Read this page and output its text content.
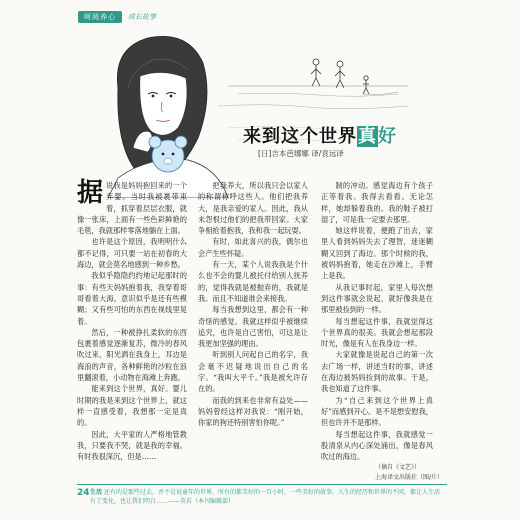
呵阅养心	成长故事
来到这个世界真好
[日]吉本芭娜娜 译/袁远译
据 说我是妈妈抱回来的一个弃婴。当时我被裹带束着，抓穿着层层衣服，就像一张床，上面有一些色彩鲜艳的毛毯，我就那样零落地躺在上面。

也许是这个原因，我明明什么都不记得，可只要一站在初春的大海边，就会莫名地感到一种乡愁。

我似乎隐隐约约地记起那时的事：有些天妈妈抱着我，我穿着哥哥看着大海，意识似乎是还有些模糊；又有些可怕的东西在视线里晃着。

然后，一种被挣扎柔软的东西包裹着感觉逐渐复苏，微冷的春风吹过来，阳光洒在我身上，耳边是海浪的声音，各种鲜艳的沙粒在浪里翻滚着，小动物在海滩上奔跑。

能来到这个世界，真好。婴儿时期的我是来到这个世界上，就这样一直感受着，我想那一定是真的。

因此，大平家的人严格地管教我，只要我不哭，就是我的幸福。有时我很深沉，但是……

把我养大，所以我只会以家人的称谓称呼这些人。他们把我养大，是我亲爱的家人。因此，我从未怨恨过他们的把我带回家。大家争相抢着抱我，我和我一起玩耍。

有时，如此喜兴的我，偶尔也会产生些怀疑。

有一天，某个人说我我是个什么也不会的婴儿被托付给别人抚养的，觉得我就是被抛弃的，我就是我。而且不知道谁会来接我。

每当我想到这里，都会有一种奇怪的感觉。我就这样似乎被继续追究，也许是自己害怕，可这是让我更加坚强的理由。

听到别人问起自己的名字，我会毫不迟疑地说出自己的名字。“我叫大平千。”我是被允许存在的。

而我的到来也非常有益处——妈妈曾经这样对我说：“刚开始，你家的狗还特别害怕你呢。”

制的冲动。感觉海边有个孩子正等着我。我得去看看。无论怎样，她却躲着我的。我的鞋子被打湿了，可是我一定要去那里。

她这样说着，便跑了出去，家里人看到妈妈失去了理智，迷迷糊糊又回到了海边。那个时候的我，被妈妈抱着，她走在沙滩上，手臂上是我。

从我记事时起，家里人每次想到这件事就会说起，就好像我是在那里被捡到的一样。

每当想起这件事，我就觉得这个世界真的很美。我就会想起那段时光，像是有人在我身边一样。

大家就像是说起自己的第一次去广场一样，讲述当时的事，讲述在海边被妈妈捡到的故事。于是，我也知道了这件事。

为“自己来到这个世界上真好”而感到开心。是不是想安慰我，但也许并不是那样。

每当想起这件事，我就感觉一股清泉从内心深处涌出，像是春风吹过的海边。

（摘自《文艺》）
上海译文出版社（图/片）
24 生活 还有的是那些过去，并不是说童年的世界，所有的都美好的一百小时，一些美好的故事。人生的经历和世界的不同，都让人生活有了变化，也让我们明白……——莫若（本刊编辑部）
